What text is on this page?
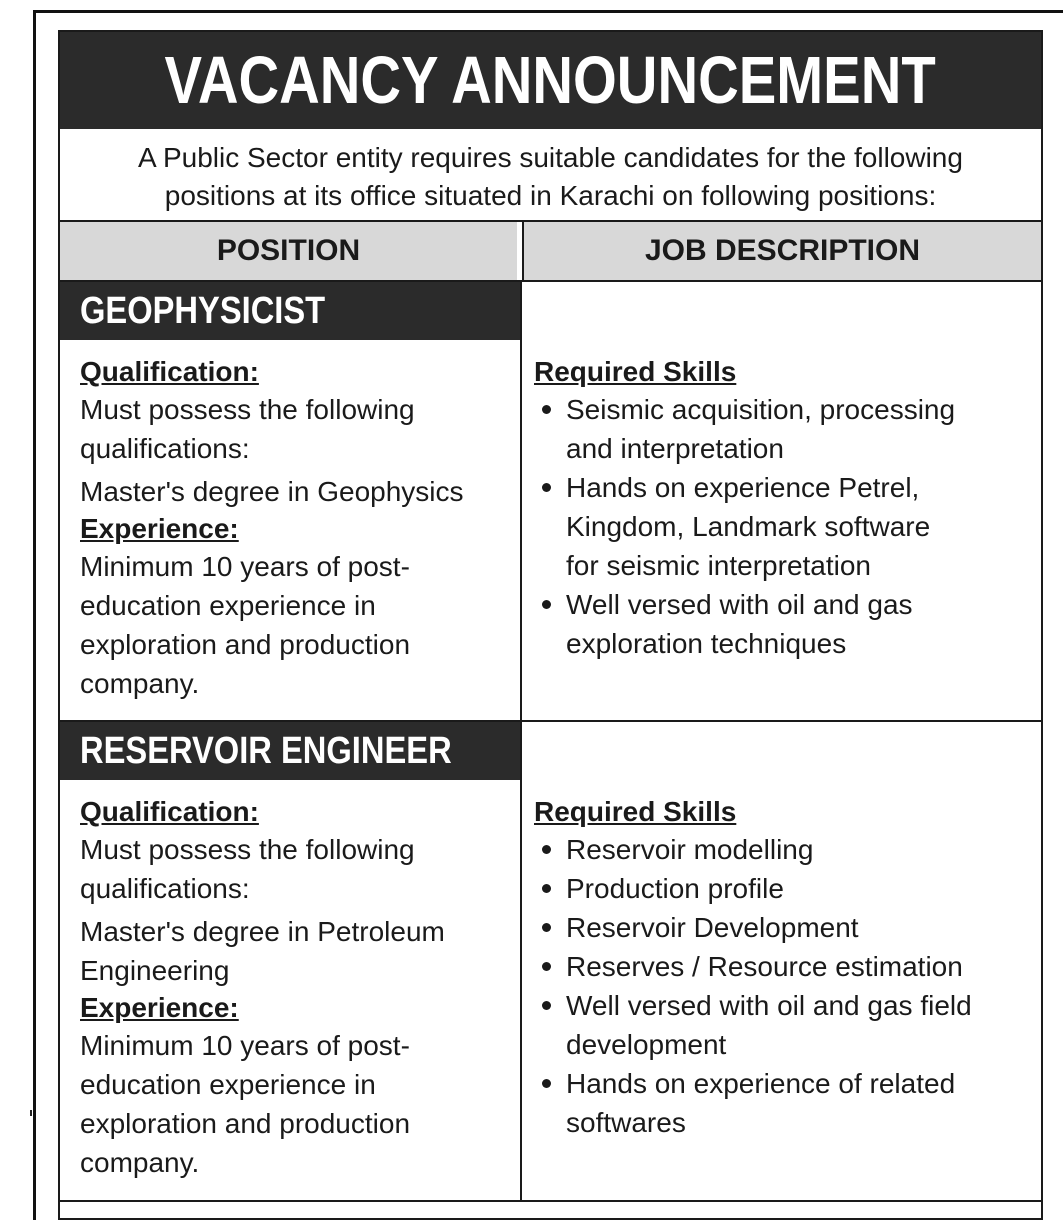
VACANCY ANNOUNCEMENT
A Public Sector entity requires suitable candidates for the following
positions at its office situated in Karachi on following positions:
POSITION	JOB DESCRIPTION
GEOPHYSICIST
Qualification:
Must possess the following
qualifications:
Master's degree in Geophysics
Experience:
Minimum 10 years of post-
education experience in
exploration and production
company.
Required Skills
Seismic acquisition, processing
and interpretation
Hands on experience Petrel,
Kingdom, Landmark software
for seismic interpretation
Well versed with oil and gas
exploration techniques
RESERVOIR ENGINEER
Qualification:
Must possess the following
qualifications:
Master's degree in Petroleum
Engineering
Experience:
Minimum 10 years of post-
education experience in
exploration and production
company.
Required Skills
Reservoir modelling
Production profile
Reservoir Development
Reserves / Resource estimation
Well versed with oil and gas field
development
Hands on experience of related
softwares
